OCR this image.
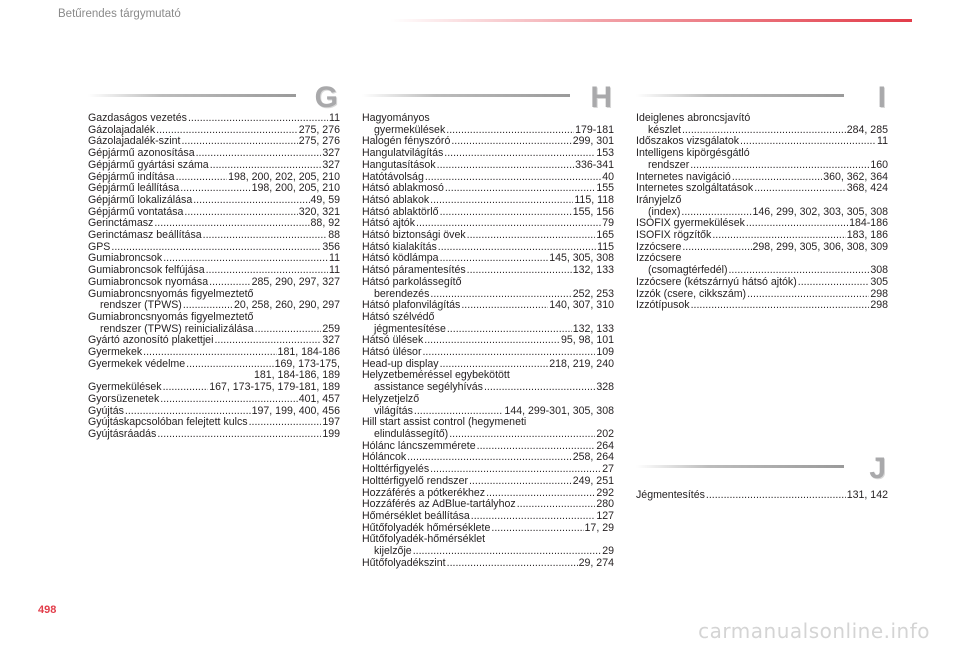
Betűrendes tárgymutató
G	H	I
J
Gazdaságos vezetés .....	11
Gázolajadalék .....	275, 276
Gázolajadalék-szint .....	275, 276
Gépjármű azonosítása .....	327
Gépjármű gyártási száma .....	327
Gépjármű indítása .....	198, 200, 202, 205, 210
Gépjármű leállítása .....	198, 200, 205, 210
Gépjármű lokalizálása .....	49, 59
Gépjármű vontatása .....	320, 321
Gerinctámasz .....	88, 92
Gerinctámasz beállítása .....	88
GPS .....	356
Gumiabroncsok .....	11
Gumiabroncsok felfújása .....	11
Gumiabroncsok nyomása .....	285, 290, 297, 327
Gumiabroncsnyomás figyelmeztető
rendszer (TPWS) .....	20, 258, 260, 290, 297
Gumiabroncsnyomás figyelmeztető
rendszer (TPWS) reinicializálása .....	259
Gyártó azonosító plakettjei .....	327
Gyermekek .....	181, 184-186
Gyermekek védelme .....	169, 173-175,
181, 184-186, 189
Gyermekülések .....	167, 173-175, 179-181, 189
Gyorsüzenetek .....	401, 457
Gyújtás .....	197, 199, 400, 456
Gyújtáskapcsolóban felejtett kulcs .....	197
Gyújtásráadás .....	199
Hagyományos
gyermekülések .....	179-181
Halogén fényszóró .....	299, 301
Hangulatvilágítás .....	153
Hangutasítások .....	336-341
Hatótávolság .....	40
Hátsó ablakmosó .....	155
Hátsó ablakok .....	115, 118
Hátsó ablaktörlő .....	155, 156
Hátsó ajtók .....	79
Hátsó biztonsági övek .....	165
Hátsó kialakítás .....	115
Hátsó ködlámpa .....	145, 305, 308
Hátsó páramentesítés .....	132, 133
Hátsó parkolássegítő
berendezés .....	252, 253
Hátsó plafonvilágítás .....	140, 307, 310
Hátsó szélvédő
jégmentesítése .....	132, 133
Hátsó ülések .....	95, 98, 101
Hátsó ülésor .....	109
Head-up display .....	218, 219, 240
Helyzetbeméréssel egybekötött
assistance segélyhívás .....	328
Helyzetjelző
világítás .....	144, 299-301, 305, 308
Hill start assist control (hegymeneti
elindulássegítő) .....	202
Hólánc láncszemmérete .....	264
Hóláncok .....	258, 264
Holttérfigyelés .....	27
Holttérfigyelő rendszer .....	249, 251
Hozzáférés a pótkerékhez .....	292
Hozzáférés az AdBlue-tartályhoz .....	280
Hőmérséklet beállítása .....	127
Hűtőfolyadék hőmérséklete .....	17, 29
Hűtőfolyadék-hőmérséklet
kijelzője .....	29
Hűtőfolyadékszint .....	29, 274
Ideiglenes abroncsjavító
készlet .....	284, 285
Időszakos vizsgálatok .....	11
Intelligens kipörgésgátló
rendszer .....	160
Internetes navigáció .....	360, 362, 364
Internetes szolgáltatások .....	368, 424
Irányjelző
(index) .....	146, 299, 302, 303, 305, 308
ISOFIX gyermekülések .....	184-186
ISOFIX rögzítők .....	183, 186
Izzócsere .....	298, 299, 305, 306, 308, 309
Izzócsere
(csomagtérfedél) .....	308
Izzócsere (kétszárnyú hátsó ajtók) .....	305
Izzók (csere, cikkszám) .....	298
Izzótípusok .....	298
Jégmentesítés .....	131, 142
498
carmanualsonline.info
